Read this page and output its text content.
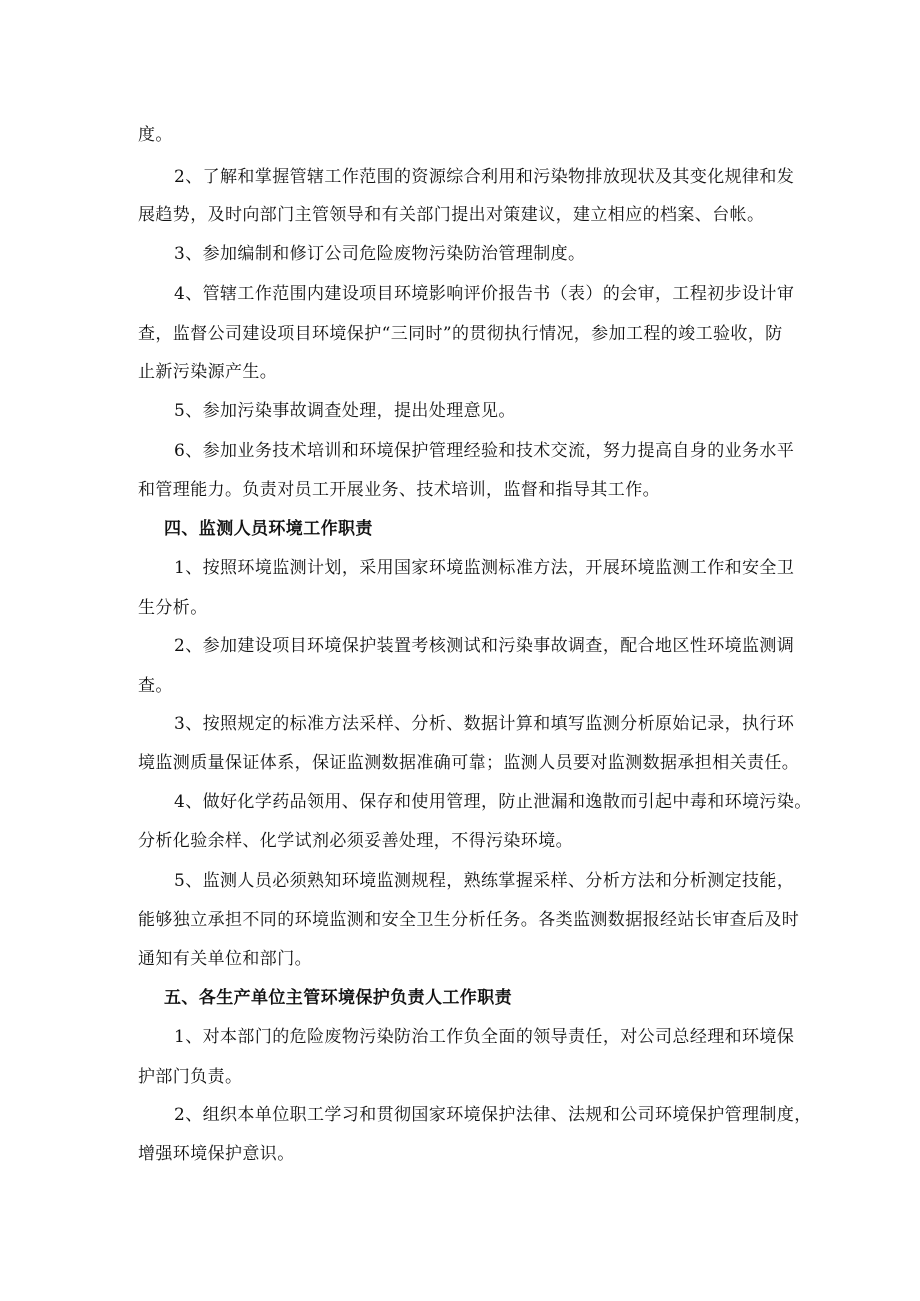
度。
2、了解和掌握管辖工作范围的资源综合利用和污染物排放现状及其变化规律和发
展趋势，及时向部门主管领导和有关部门提出对策建议，建立相应的档案、台帐。
3、参加编制和修订公司危险废物污染防治管理制度。
4、管辖工作范围内建设项目环境影响评价报告书（表）的会审，工程初步设计审
查，监督公司建设项目环境保护“三同时”的贯彻执行情况，参加工程的竣工验收，防
止新污染源产生。
5、参加污染事故调查处理，提出处理意见。
6、参加业务技术培训和环境保护管理经验和技术交流，努力提高自身的业务水平
和管理能力。负责对员工开展业务、技术培训，监督和指导其工作。
四、监测人员环境工作职责
1、按照环境监测计划，采用国家环境监测标准方法，开展环境监测工作和安全卫
生分析。
2、参加建设项目环境保护装置考核测试和污染事故调查，配合地区性环境监测调
查。
3、按照规定的标准方法采样、分析、数据计算和填写监测分析原始记录，执行环
境监测质量保证体系，保证监测数据准确可靠；监测人员要对监测数据承担相关责任。
4、做好化学药品领用、保存和使用管理，防止泄漏和逸散而引起中毒和环境污染。
分析化验余样、化学试剂必须妥善处理，不得污染环境。
5、监测人员必须熟知环境监测规程，熟练掌握采样、分析方法和分析测定技能，
能够独立承担不同的环境监测和安全卫生分析任务。各类监测数据报经站长审查后及时
通知有关单位和部门。
五、各生产单位主管环境保护负责人工作职责
1、对本部门的危险废物污染防治工作负全面的领导责任，对公司总经理和环境保
护部门负责。
2、组织本单位职工学习和贯彻国家环境保护法律、法规和公司环境保护管理制度，
增强环境保护意识。
